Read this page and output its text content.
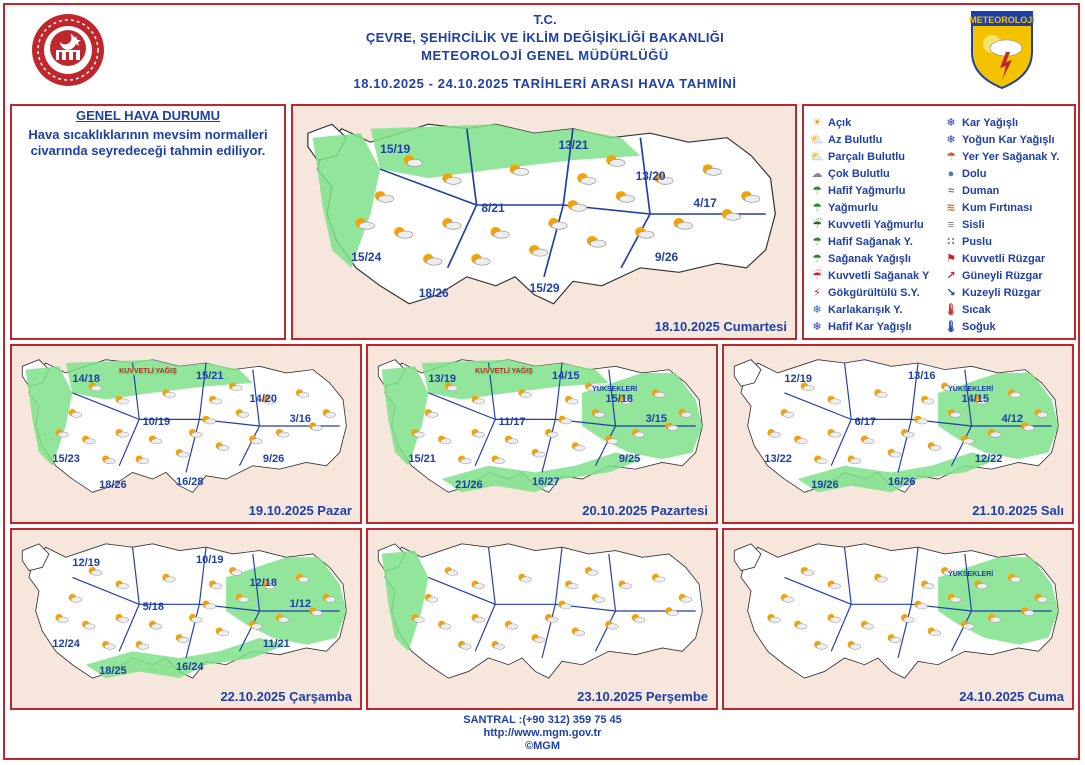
T.C.
ÇEVRE, ŞEHİRCİLİK VE İKLİM DEĞİŞİKLİĞİ BAKANLIĞI
METEOROLOJİ GENEL MÜDÜRLÜĞÜ
18.10.2025 - 24.10.2025 TARİHLERİ ARASI HAVA TAHMİNİ
METEOROLOJİ
GENEL HAVA DURUMU
Hava sıcaklıklarının mevsim normalleri civarında seyredeceği tahmin ediliyor.	15/19	13/21
13/20
8/21	4/17
15/24
18/26	15/29
9/26
18.10.2025 Cumartesi
☀ Açık
⛅ Az Bulutlu
⛅ Parçalı Bulutlu
☁ Çok Bulutlu
☂ Hafif Yağmurlu
☂ Yağmurlu
☔ Kuvvetli Yağmurlu
☂ Hafif Sağanak Y.
☂ Sağanak Yağışlı
☔ Kuvvetli Sağanak Y
⚡ Gökgürültülü S.Y.
❄ Karlakarışık Y.
❄ Hafif Kar Yağışlı
❄ Kar Yağışlı
❄ Yoğun Kar Yağışlı
☂ Yer Yer Sağanak Y.
● Dolu
≈ Duman
≋ Kum Fırtınası
≡ Sisli
∷ Puslu
⚑ Kuvvetli Rüzgar
↗ Güneyli Rüzgar
↘ Kuzeyli Rüzgar
🌡 Sıcak
🌡 Soğuk
KUVVETLİ YAĞIŞ
14/18	15/21
14/20
10/19	3/16
15/23
18/26	16/28
9/26
19.10.2025 Pazar
KUVVETLİ YAĞIŞ
YÜKSEKLERİ
13/19	14/15
15/18
11/17	3/15
15/21
21/26	16/27
9/25
20.10.2025 Pazartesi
YÜKSEKLERİ
12/19	13/16
14/15
6/17	4/12
13/22
19/26	16/26
12/22
21.10.2025 Salı
12/19	10/19
12/18
5/18	1/12
12/24
18/25	16/24
11/21
22.10.2025 Çarşamba	23.10.2025 Perşembe
YÜKSEKLERİ
24.10.2025 Cuma
SANTRAL :(+90 312) 359 75 45
http://www.mgm.gov.tr
©MGM
